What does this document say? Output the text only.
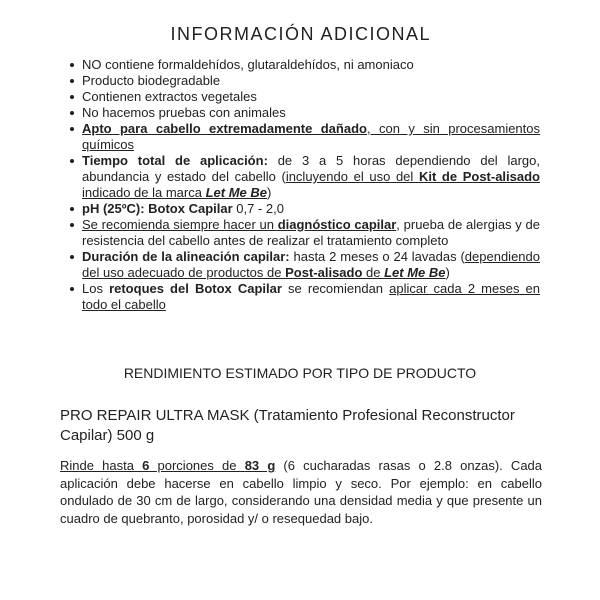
INFORMACIÓN ADICIONAL
NO contiene formaldehídos, glutaraldehídos, ni amoniaco
Producto biodegradable
Contienen extractos vegetales
No hacemos pruebas con animales
Apto para cabello extremadamente dañado, con y sin procesamientos químicos
Tiempo total de aplicación: de 3 a 5 horas dependiendo del largo, abundancia y estado del cabello (incluyendo el uso del Kit de Post-alisado indicado de la marca Let Me Be)
pH (25ºC): Botox Capilar 0,7 - 2,0
Se recomienda siempre hacer un diagnóstico capilar, prueba de alergias y de resistencia del cabello antes de realizar el tratamiento completo
Duración de la alineación capilar: hasta 2 meses o 24 lavadas (dependiendo del uso adecuado de productos de Post-alisado de Let Me Be)
Los retoques del Botox Capilar se recomiendan aplicar cada 2 meses en todo el cabello
RENDIMIENTO ESTIMADO POR TIPO DE PRODUCTO
PRO REPAIR ULTRA MASK (Tratamiento Profesional Reconstructor Capilar) 500 g

Rinde hasta 6 porciones de 83 g (6 cucharadas rasas o 2.8 onzas). Cada aplicación debe hacerse en cabello limpio y seco. Por ejemplo: en cabello ondulado de 30 cm de largo, considerando una densidad media y que presente un cuadro de quebranto, porosidad y/ o resequedad bajo.
